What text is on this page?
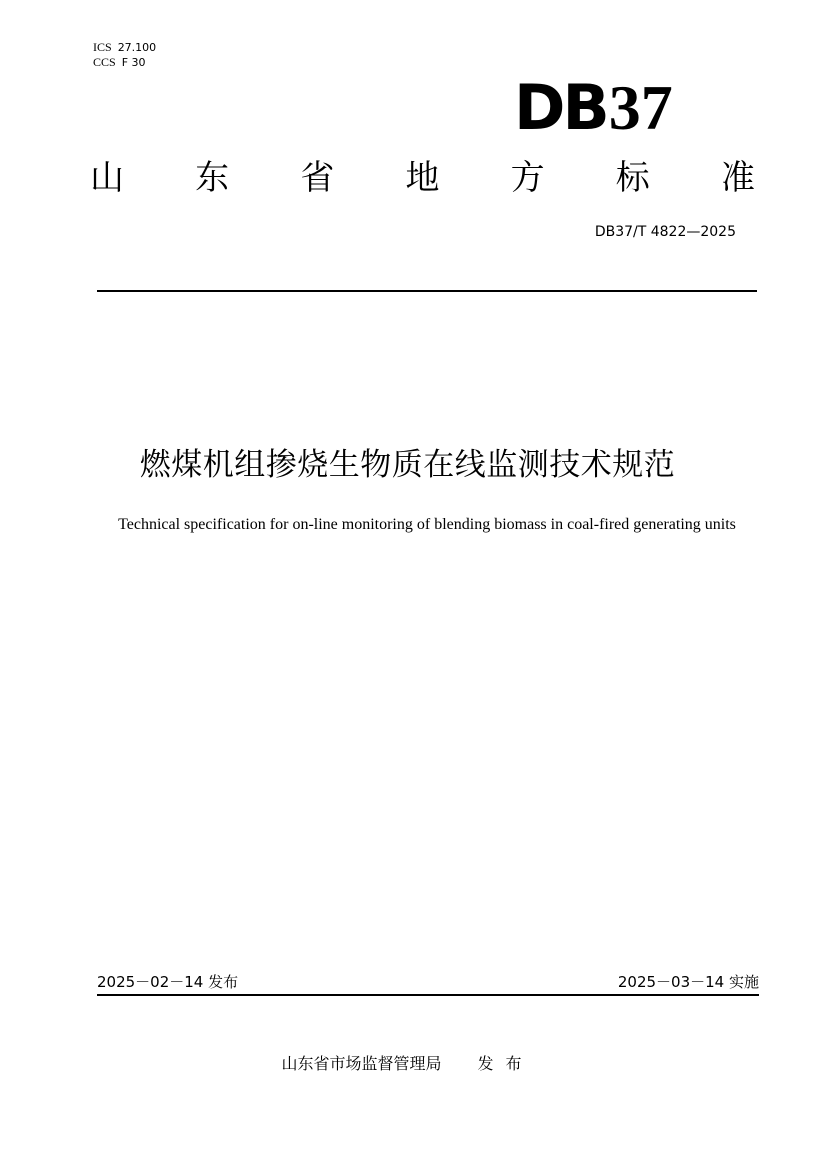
ICS 27.100
CCS F 30
DB 37
山 东 省 地 方 标 准
DB37/T 4822—2025
燃煤机组掺烧生物质在线监测技术规范
Technical specification for on-line monitoring of blending biomass in coal-fired generating units
2025－02－14 发布	2025－03－14 实施
山东省市场监督管理局 发布
